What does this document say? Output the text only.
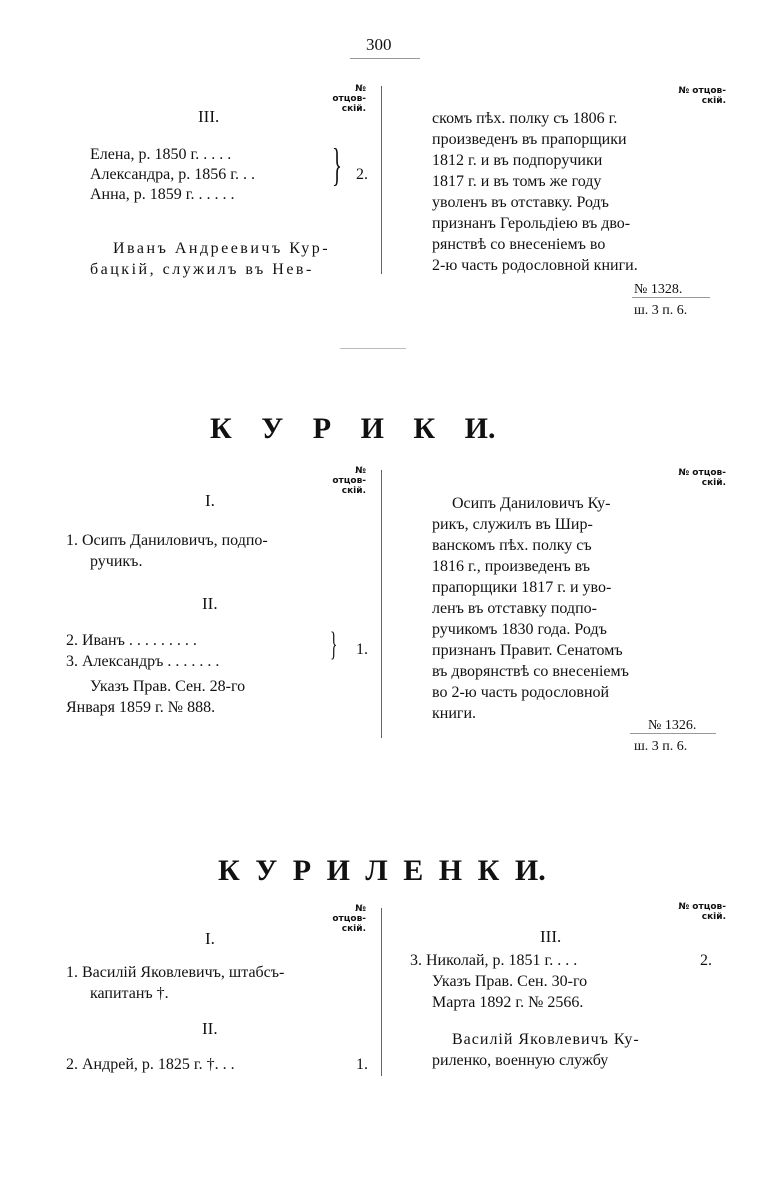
300
№ отцов-
скій.
№ отцов-
скій.
III.
Елена, р. 1850 г. . . . .
Александра, р. 1856 г. . .
Анна, р. 1859 г. . . . . .
} 2.
Иванъ Андреевичъ Кур-
бацкій, служилъ въ Нев-
скомъ пѣх. полку съ 1806 г.
произведенъ въ прапорщики
1812 г. и въ подпоручики
1817 г. и въ томъ же году
уволенъ въ отставку. Родъ
признанъ Герольдіею въ дво-
рянствѣ со внесеніемъ во
2-ю часть родословной книги.
№ 1328.
ш. 3 п. 6.
К У Р И К И.
№ отцов-
скій.
№ отцов-
скій.
I.
1. Осипъ Даниловичъ, подпо-
ручикъ.
II.
2. Иванъ . . . . . . . . .
3. Александръ . . . . . . .	} 1.
Указъ Прав. Сен. 28-го
Января 1859 г. № 888.
Осипъ Даниловичъ Ку-
рикъ, служилъ въ Шир-
ванскомъ пѣх. полку съ
1816 г., произведенъ въ
прапорщики 1817 г. и уво-
ленъ въ отставку подпо-
ручикомъ 1830 года. Родъ
признанъ Правит. Сенатомъ
въ дворянствѣ со внесеніемъ
во 2-ю часть родословной
книги.
№ 1326.
ш. 3 п. 6.
К У Р И Л Е Н К И.
№ отцов-
скій.
№ отцов-
скій.
I.
1. Василій Яковлевичъ, штабсъ-
капитанъ †.
II.
2. Андрей, р. 1825 г. †. . .	1.
III.
3. Николай, р. 1851 г. . . .	2.
Указъ Прав. Сен. 30-го
Марта 1892 г. № 2566.
Василій Яковлевичъ Ку-
риленко, военную службу
